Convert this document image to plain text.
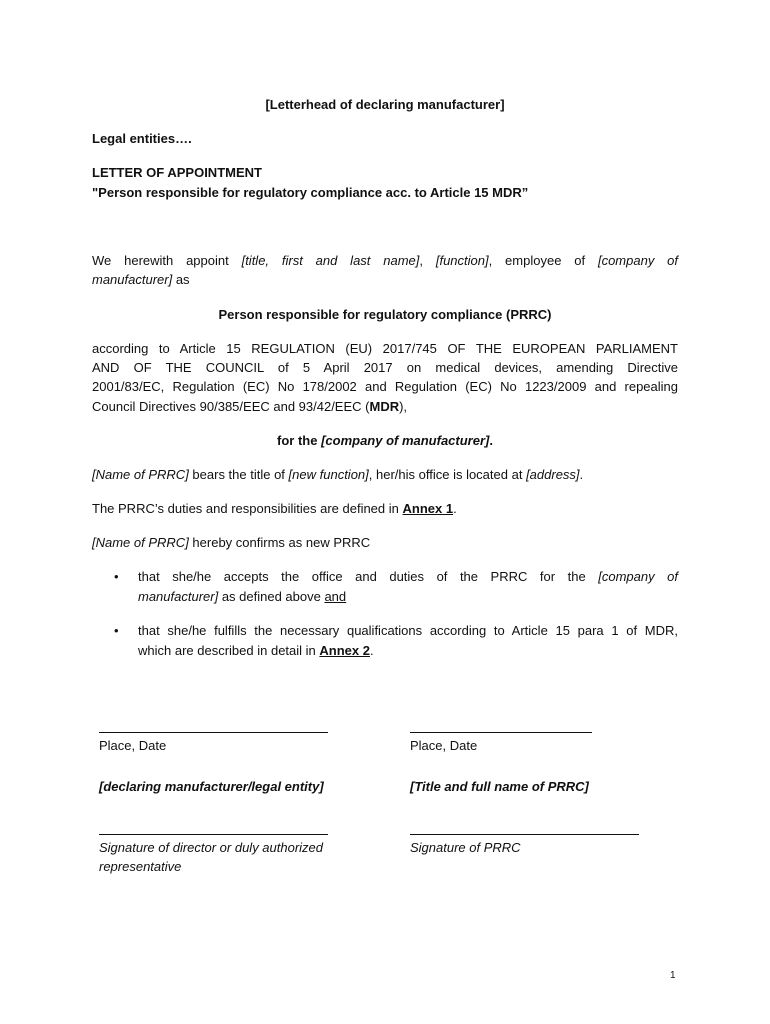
[Letterhead of declaring manufacturer]
Legal entities….
LETTER OF APPOINTMENT
"Person responsible for regulatory compliance acc. to Article 15 MDR”
We herewith appoint [title, first and last name], [function], employee of [company of
manufacturer] as
Person responsible for regulatory compliance (PRRC)
according to Article 15 REGULATION (EU) 2017/745 OF THE EUROPEAN PARLIAMENT
AND OF THE COUNCIL of 5 April 2017 on medical devices, amending Directive
2001/83/EC, Regulation (EC) No 178/2002 and Regulation (EC) No 1223/2009 and repealing
Council Directives 90/385/EEC and 93/42/EEC (MDR),
for the [company of manufacturer].
[Name of PRRC] bears the title of [new function], her/his office is located at [address].
The PRRC’s duties and responsibilities are defined in Annex 1.
[Name of PRRC] hereby confirms as new PRRC
• that she/he accepts the office and duties of the PRRC for the [company of
manufacturer] as defined above and
• that she/he fulfills the necessary qualifications according to Article 15 para 1 of MDR,
which are described in detail in Annex 2.
Place, Date	Place, Date
[declaring manufacturer/legal entity]	[Title and full name of PRRC]
Signature of director or duly authorized
representative
Signature of PRRC
1
